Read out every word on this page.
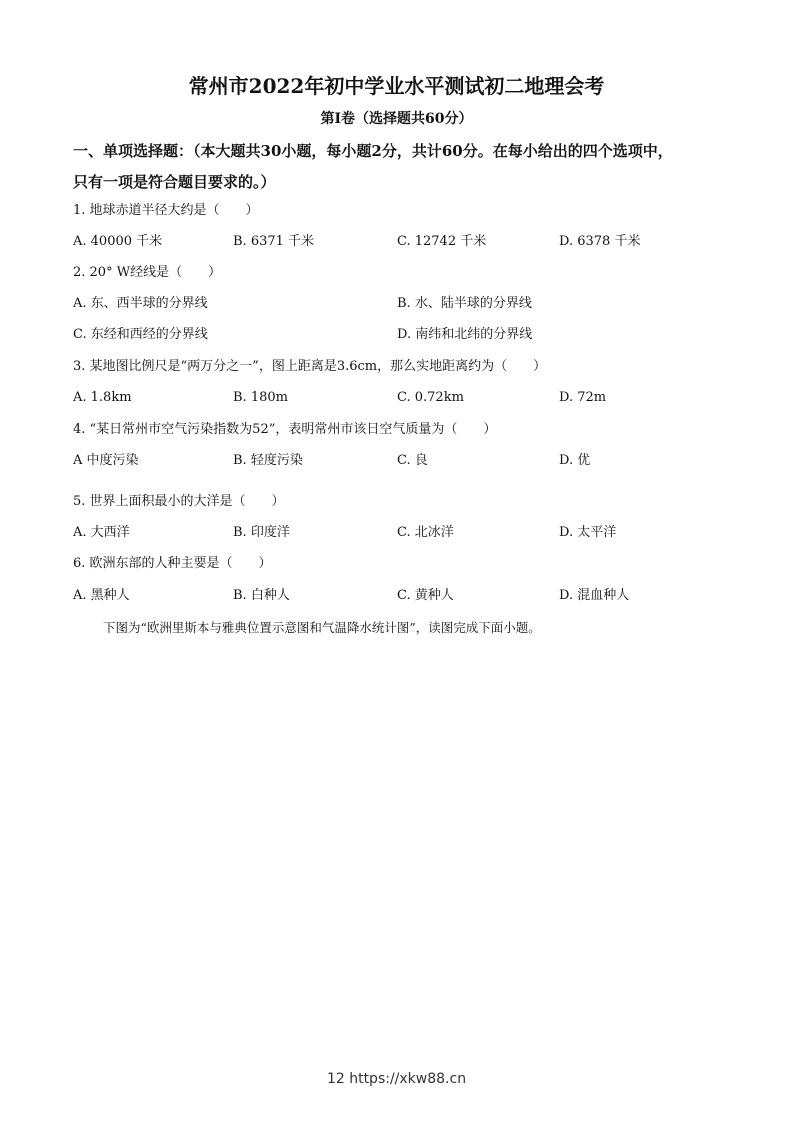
常州市2022年初中学业水平测试初二地理会考
第Ⅰ卷（选择题共60分）
一、单项选择题：（本大题共30小题，每小题2分，共计60分。在每小给出的四个选项中，
只有一项是符合题目要求的。）
1. 地球赤道半径大约是（　　）
A. 40000 千米	B. 6371 千米	C. 12742 千米	D. 6378 千米
2. 20° W经线是（　　）
A. 东、西半球的分界线	B. 水、陆半球的分界线
C. 东经和西经的分界线	D. 南纬和北纬的分界线
3. 某地图比例尺是“两万分之一”，图上距离是3.6cm，那么实地距离约为（　　）
A. 1.8km	B. 180m	C. 0.72km	D. 72m
4. “某日常州市空气污染指数为52”，表明常州市该日空气质量为（　　）
A 中度污染	B. 轻度污染	C. 良	D. 优
5. 世界上面积最小的大洋是（　　）
A. 大西洋	B. 印度洋	C. 北冰洋	D. 太平洋
6. 欧洲东部的人种主要是（　　）
A. 黑种人	B. 白种人	C. 黄种人	D. 混血种人
下图为“欧洲里斯本与雅典位置示意图和气温降水统计图”，读图完成下面小题。
12 https://xkw88.cn
